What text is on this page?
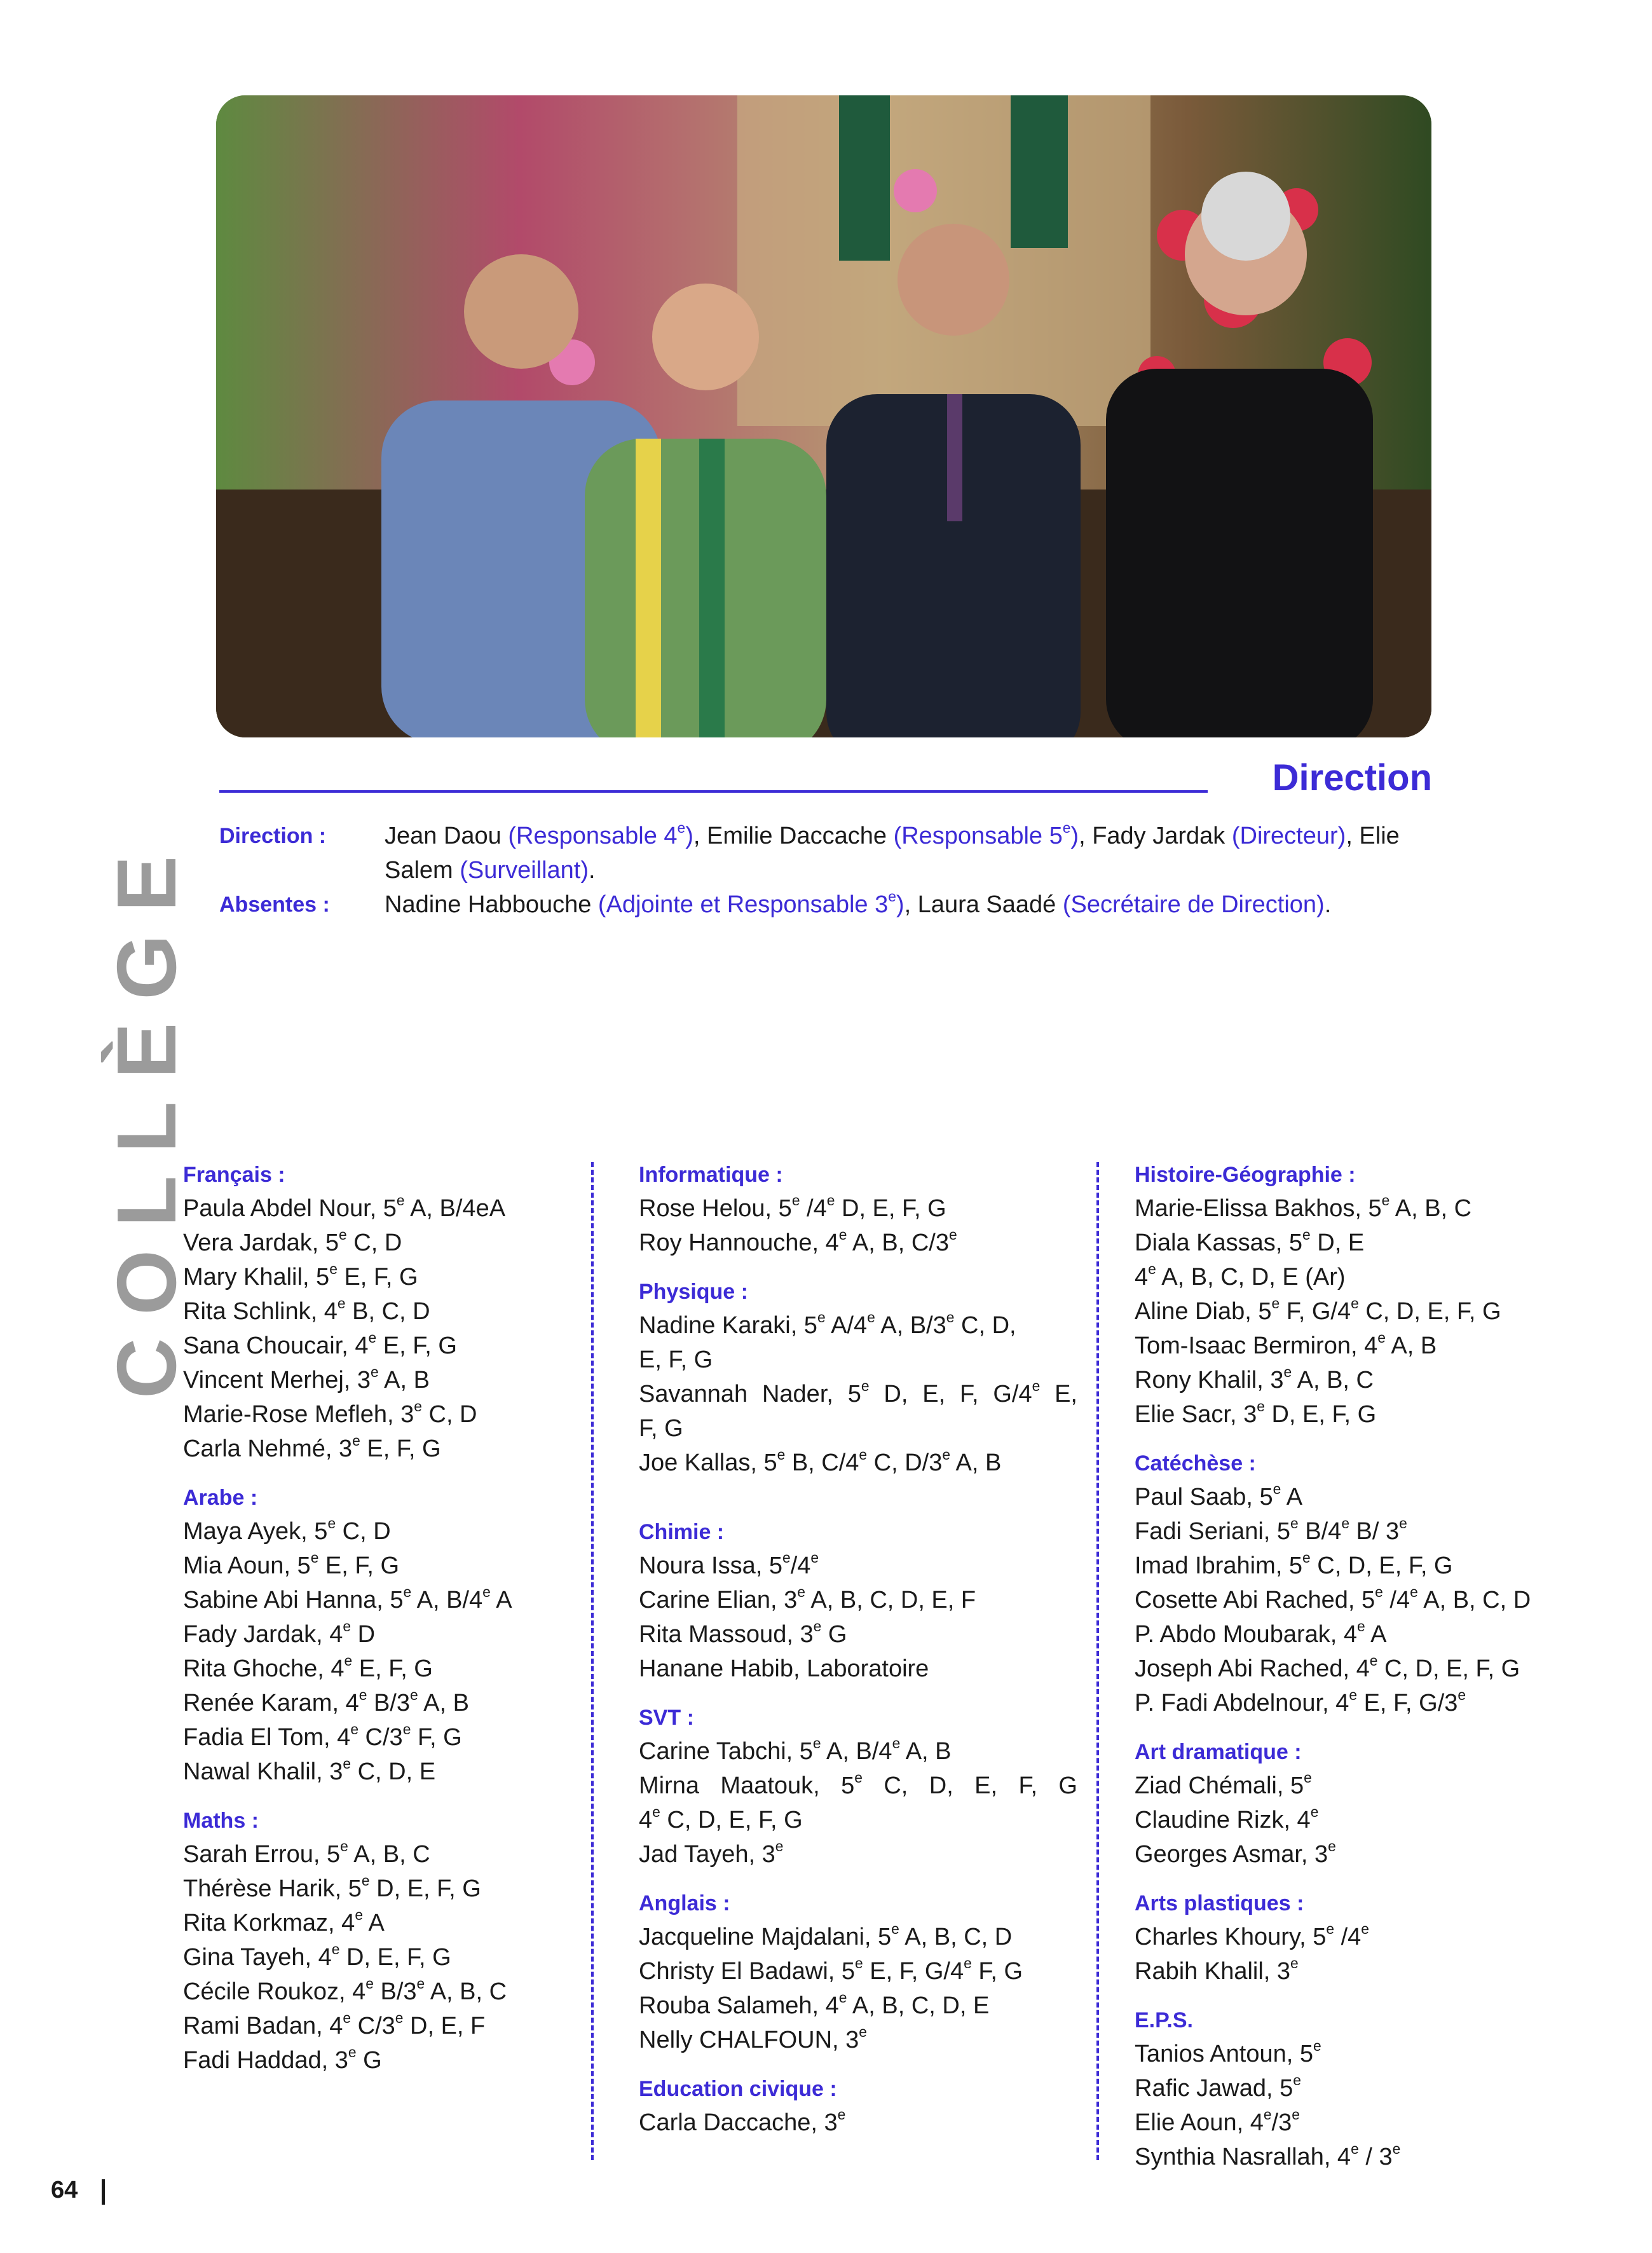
COLLÈGE
Direction
Direction :	Jean Daou (Responsable 4e), Emilie Daccache (Responsable 5e), Fady Jardak (Directeur), Elie Salem (Surveillant).
Absentes :	Nadine Habbouche (Adjointe et Responsable 3e), Laura Saadé (Secrétaire de Direction).
Français :
Paula Abdel Nour, 5e A, B/4eA
Vera Jardak, 5e C, D
Mary Khalil, 5e E, F, G
Rita Schlink, 4e B, C, D
Sana Choucair, 4e E, F, G
Vincent Merhej, 3e A, B
Marie-Rose Mefleh, 3e C, D
Carla Nehmé, 3e E, F, G
Arabe :
Maya Ayek, 5e C, D
Mia Aoun, 5e E, F, G
Sabine Abi Hanna, 5e A, B/4e A
Fady Jardak, 4e D
Rita Ghoche, 4e E, F, G
Renée Karam, 4e B/3e A, B
Fadia El Tom, 4e C/3e F, G
Nawal Khalil, 3e C, D, E
Maths :
Sarah Errou, 5e A, B, C
Thérèse Harik, 5e D, E, F, G
Rita Korkmaz, 4e A
Gina Tayeh, 4e D, E, F, G
Cécile Roukoz, 4e B/3e A, B, C
Rami Badan, 4e C/3e D, E, F
Fadi Haddad, 3e G
Informatique :
Rose Helou, 5e /4e D, E, F, G
Roy Hannouche, 4e A, B, C/3e
Physique :
Nadine Karaki, 5e A/4e A, B/3e C, D,
E, F, G
Savannah Nader, 5e D, E, F, G/4e E,
F, G
Joe Kallas, 5e B, C/4e C, D/3e A, B
Chimie :
Noura Issa, 5e/4e
Carine Elian, 3e A, B, C, D, E, F
Rita Massoud, 3e G
Hanane Habib, Laboratoire
SVT :
Carine Tabchi, 5e A, B/4e A, B
Mirna Maatouk, 5e C, D, E, F, G
4e C, D, E, F, G
Jad Tayeh, 3e
Anglais :
Jacqueline Majdalani, 5e A, B, C, D
Christy El Badawi, 5e E, F, G/4e F, G
Rouba Salameh, 4e A, B, C, D, E
Nelly CHALFOUN, 3e
Education civique :
Carla Daccache, 3e
Histoire-Géographie :
Marie-Elissa Bakhos, 5e A, B, C
Diala Kassas, 5e D, E
4e A, B, C, D, E (Ar)
Aline Diab, 5e F, G/4e C, D, E, F, G
Tom-Isaac Bermiron, 4e A, B
Rony Khalil, 3e A, B, C
Elie Sacr, 3e D, E, F, G
Catéchèse :
Paul Saab, 5e A
Fadi Seriani, 5e B/4e B/ 3e
Imad Ibrahim, 5e C, D, E, F, G
Cosette Abi Rached, 5e /4e A, B, C, D
P. Abdo Moubarak, 4e A
Joseph Abi Rached, 4e C, D, E, F, G
P. Fadi Abdelnour, 4e E, F, G/3e
Art dramatique :
Ziad Chémali, 5e
Claudine Rizk, 4e
Georges Asmar, 3e
Arts plastiques :
Charles Khoury, 5e /4e
Rabih Khalil, 3e
E.P.S.
Tanios Antoun, 5e
Rafic Jawad, 5e
Elie Aoun, 4e/3e
Synthia Nasrallah, 4e / 3e
64
